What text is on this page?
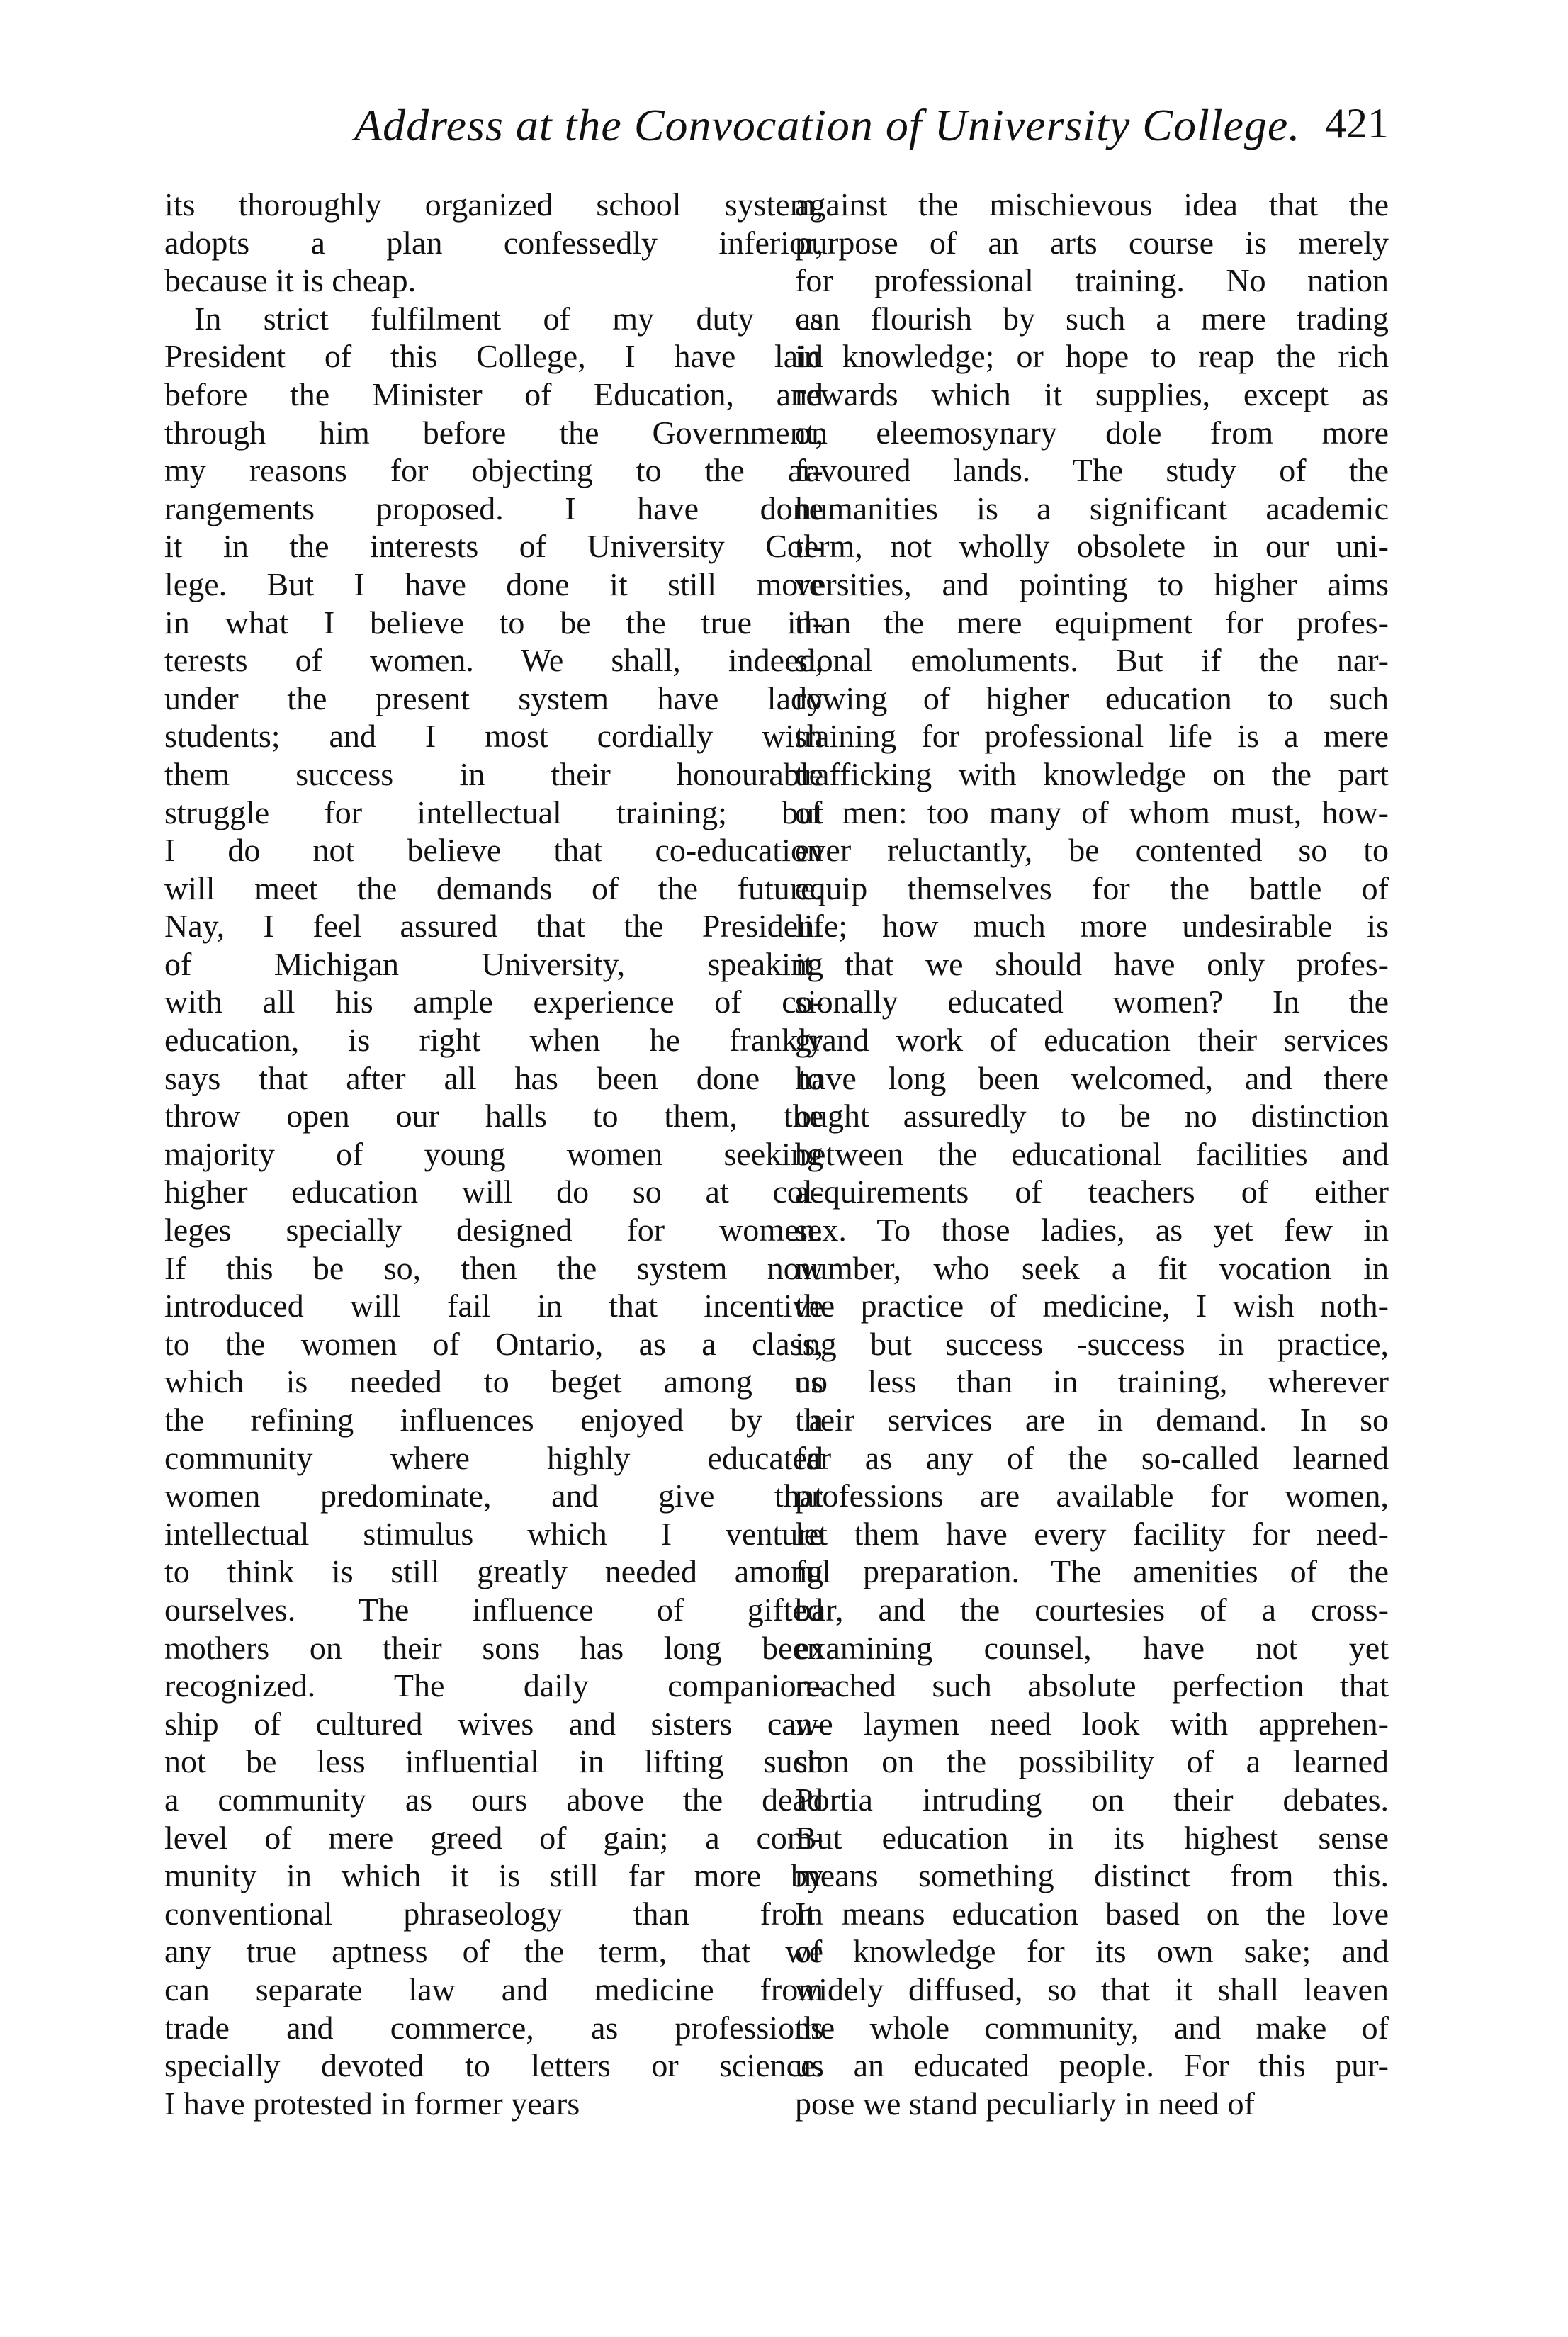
Address at the Convocation of University College. 421
its thoroughly organized school system,
adopts a plan confessedly inferior,
because it is cheap.
In strict fulfilment of my duty as
President of this College, I have laid
before the Minister of Education, and
through him before the Government,
my reasons for objecting to the ar-
rangements proposed. I have done
it in the interests of University Col-
lege. But I have done it still more
in what I believe to be the true in-
terests of women. We shall, indeed,
under the present system have lady
students; and I most cordially wish
them success in their honourable
struggle for intellectual training; but
I do not believe that co-education
will meet the demands of the future.
Nay, I feel assured that the President
of Michigan University, speaking
with all his ample experience of co-
education, is right when he frankly
says that after all has been done to
throw open our halls to them, the
majority of young women seeking
higher education will do so at col-
leges specially designed for women.
If this be so, then the system now
introduced will fail in that incentive
to the women of Ontario, as a class,
which is needed to beget among us
the refining influences enjoyed by a
community where highly educated
women predominate, and give that
intellectual stimulus which I venture
to think is still greatly needed among
ourselves. The influence of gifted
mothers on their sons has long been
recognized. The daily companion-
ship of cultured wives and sisters can-
not be less influential in lifting such
a community as ours above the dead
level of mere greed of gain; a com-
munity in which it is still far more by
conventional phraseology than from
any true aptness of the term, that we
can separate law and medicine from
trade and commerce, as professions
specially devoted to letters or science.
I have protested in former years
against the mischievous idea that the
purpose of an arts course is merely
for professional training. No nation
can flourish by such a mere trading
in knowledge; or hope to reap the rich
rewards which it supplies, except as
on eleemosynary dole from more
favoured lands. The study of the
humanities is a significant academic
term, not wholly obsolete in our uni-
versities, and pointing to higher aims
than the mere equipment for profes-
sional emoluments. But if the nar-
rowing of higher education to such
training for professional life is a mere
trafficking with knowledge on the part
of men: too many of whom must, how-
ever reluctantly, be contented so to
equip themselves for the battle of
life; how much more undesirable is
it that we should have only profes-
sionally educated women? In the
grand work of education their services
have long been welcomed, and there
ought assuredly to be no distinction
between the educational facilities and
acquirements of teachers of either
sex. To those ladies, as yet few in
number, who seek a fit vocation in
the practice of medicine, I wish noth-
ing but success -success in practice,
no less than in training, wherever
their services are in demand. In so
far as any of the so-called learned
professions are available for women,
let them have every facility for need-
ful preparation. The amenities of the
bar, and the courtesies of a cross-
examining counsel, have not yet
reached such absolute perfection that
we laymen need look with apprehen-
sion on the possibility of a learned
Portia intruding on their debates.
But education in its highest sense
means something distinct from this.
It means education based on the love
of knowledge for its own sake; and
widely diffused, so that it shall leaven
the whole community, and make of
us an educated people. For this pur-
pose we stand peculiarly in need of
